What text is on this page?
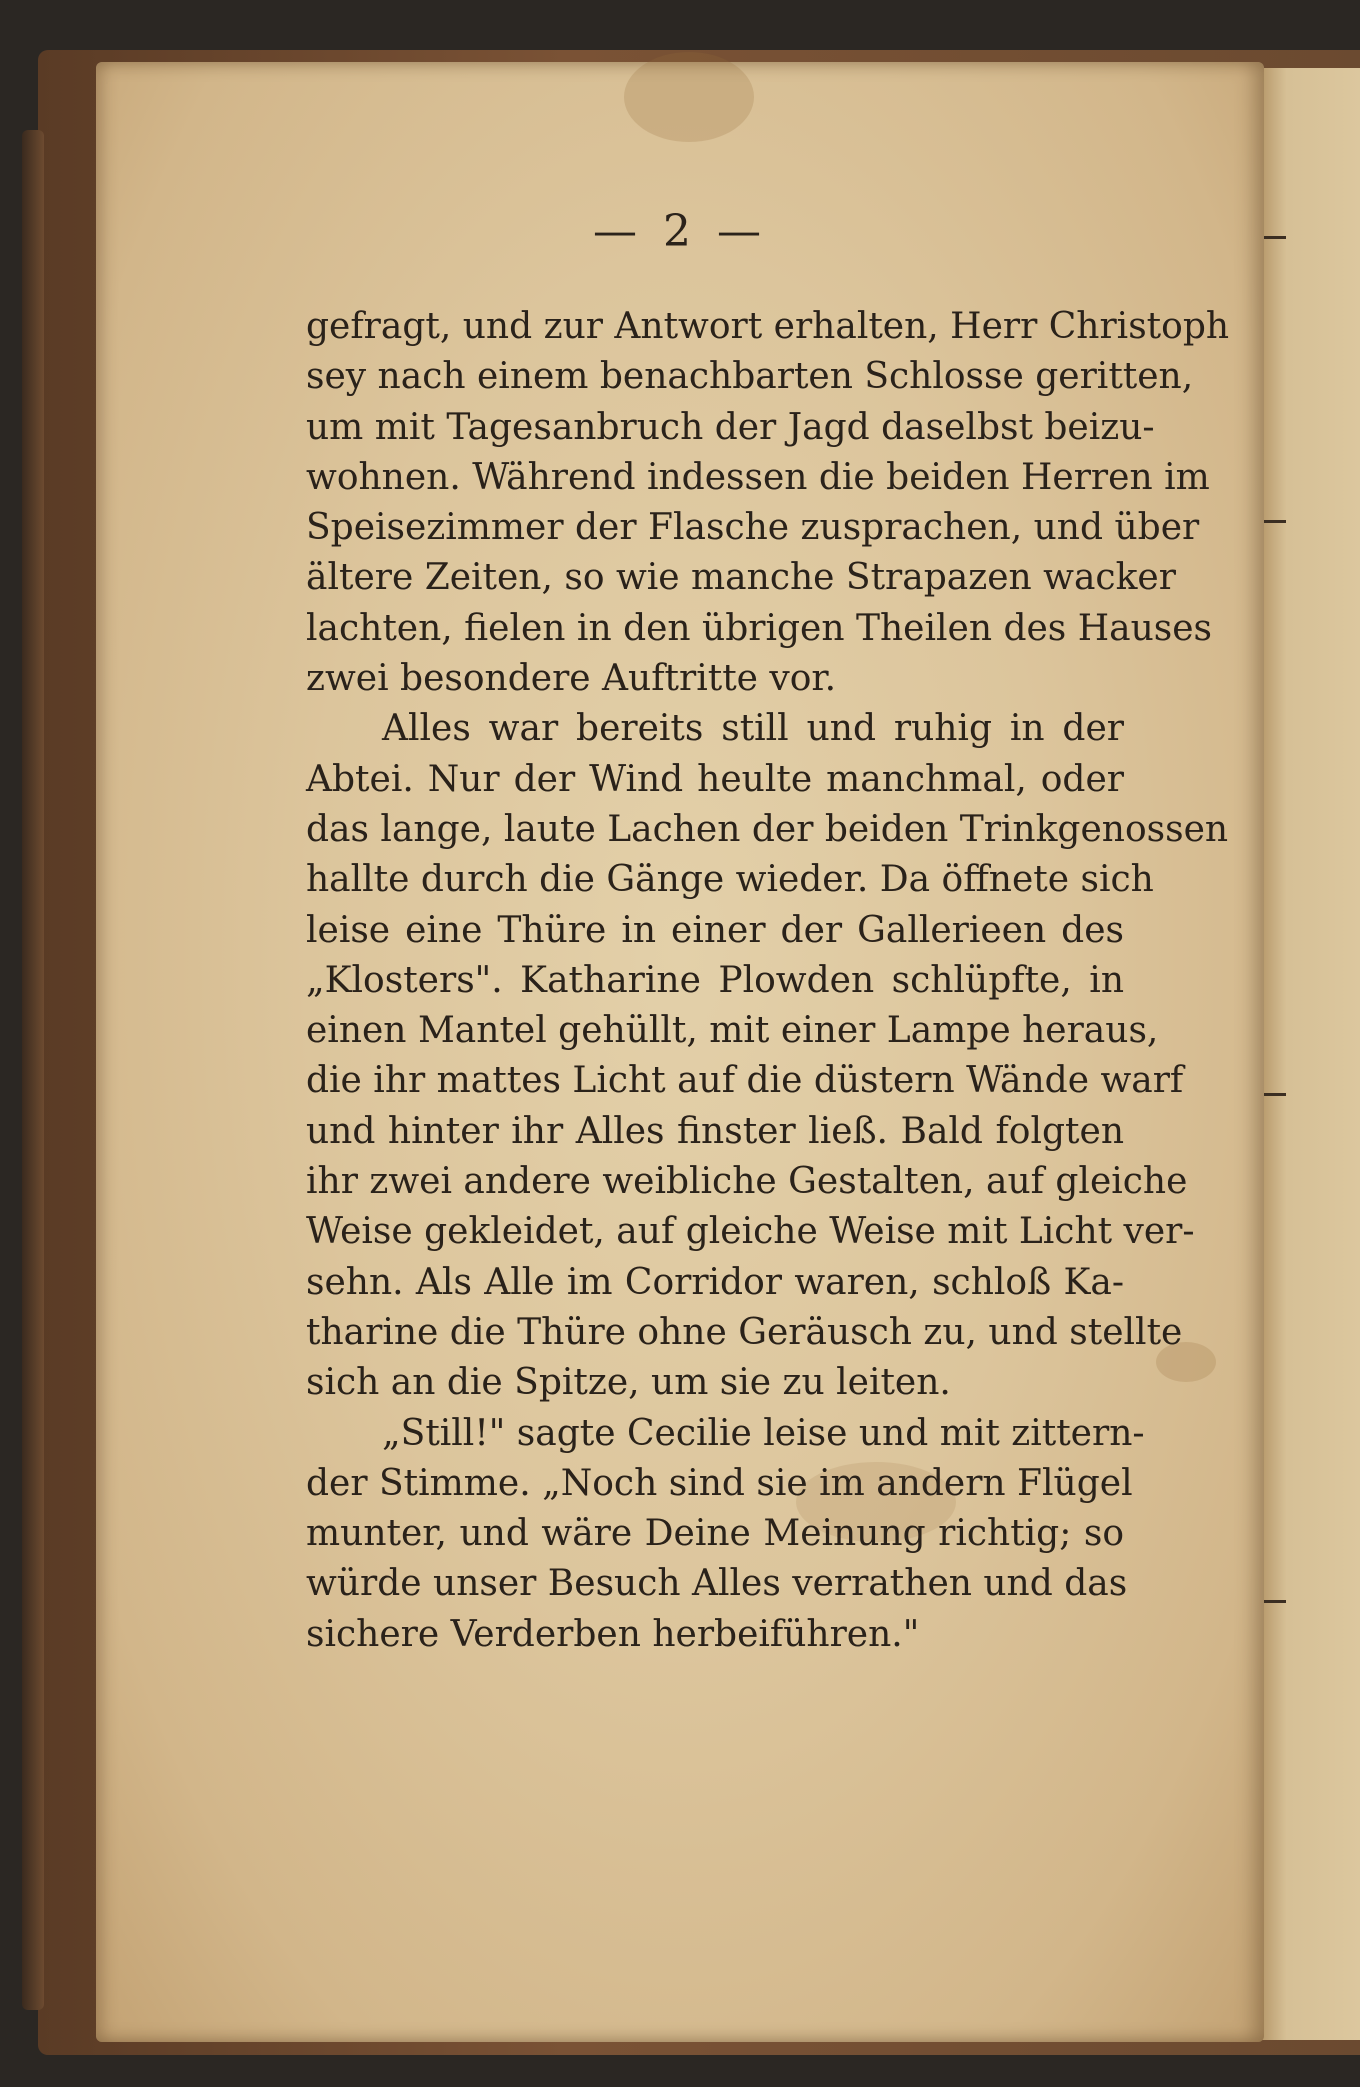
— 2 —
gefragt, und zur Antwort erhalten, Herr Christoph
sey nach einem benachbarten Schlosse geritten,
um mit Tagesanbruch der Jagd daselbst beizu-
wohnen. Während indessen die beiden Herren im
Speisezimmer der Flasche zusprachen, und über
ältere Zeiten, so wie manche Strapazen wacker
lachten, fielen in den übrigen Theilen des Hauses
zwei besondere Auftritte vor.
Alles war bereits still und ruhig in der
Abtei. Nur der Wind heulte manchmal, oder
das lange, laute Lachen der beiden Trinkgenossen
hallte durch die Gänge wieder. Da öffnete sich
leise eine Thüre in einer der Gallerieen des
„Klosters". Katharine Plowden schlüpfte, in
einen Mantel gehüllt, mit einer Lampe heraus,
die ihr mattes Licht auf die düstern Wände warf
und hinter ihr Alles finster ließ. Bald folgten
ihr zwei andere weibliche Gestalten, auf gleiche
Weise gekleidet, auf gleiche Weise mit Licht ver-
sehn. Als Alle im Corridor waren, schloß Ka-
tharine die Thüre ohne Geräusch zu, und stellte
sich an die Spitze, um sie zu leiten.
„Still!" sagte Cecilie leise und mit zittern-
der Stimme. „Noch sind sie im andern Flügel
munter, und wäre Deine Meinung richtig; so
würde unser Besuch Alles verrathen und das
sichere Verderben herbeiführen."
